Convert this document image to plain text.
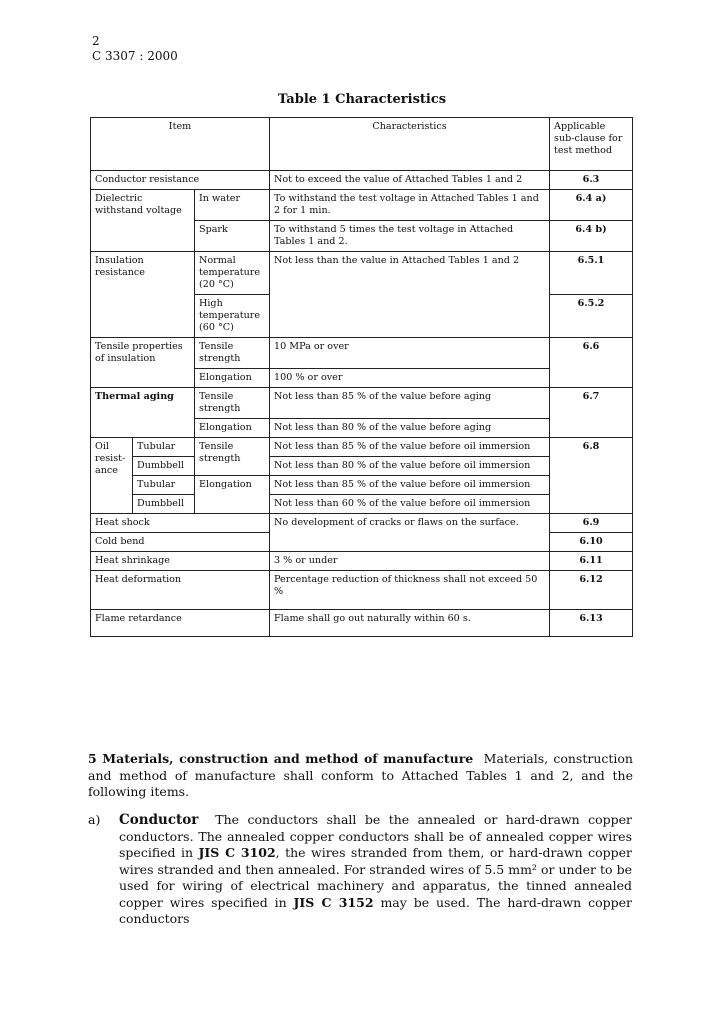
2
C 3307 : 2000
Table 1 Characteristics
Item			Characteristics	Applicable sub-clause for test method
Conductor resistance			Not to exceed the value of Attached Tables 1 and 2	6.3
Dielectric withstand voltage		In water	To withstand the test voltage in Attached Tables 1 and 2 for 1 min.	6.4 a)
		Spark	To withstand 5 times the test voltage in Attached Tables 1 and 2.	6.4 b)
Insulation resistance		Normal temperature (20 °C)	Not less than the value in Attached Tables 1 and 2	6.5.1
		High temperature (60 °C)		6.5.2
Tensile properties of insulation		Tensile strength	10 MPa or over	6.6
		Elongation	100 % or over	
Thermal aging		Tensile strength	Not less than 85 % of the value before aging	6.7
		Elongation	Not less than 80 % of the value before aging	
Oil resist-ance	Tubular	Tensile strength	Not less than 85 % of the value before oil immersion	6.8
	Dumbbell		Not less than 80 % of the value before oil immersion	
	Tubular	Elongation	Not less than 85 % of the value before oil immersion	
	Dumbbell		Not less than 60 % of the value before oil immersion	
Heat shock			No development of cracks or flaws on the surface.	6.9
Cold bend				6.10
Heat shrinkage			3 % or under	6.11
Heat deformation			Percentage reduction of thickness shall not exceed 50 %	6.12
Flame retardance			Flame shall go out naturally within 60 s.	6.13
5 Materials, construction and method of manufacture Materials, construction and method of manufacture shall conform to Attached Tables 1 and 2, and the following items.
a) Conductor The conductors shall be the annealed or hard-drawn copper conductors. The annealed copper conductors shall be of annealed copper wires specified in JIS C 3102, the wires stranded from them, or hard-drawn copper wires stranded and then annealed. For stranded wires of 5.5 mm² or under to be used for wiring of electrical machinery and apparatus, the tinned annealed copper wires specified in JIS C 3152 may be used. The hard-drawn copper conductors
